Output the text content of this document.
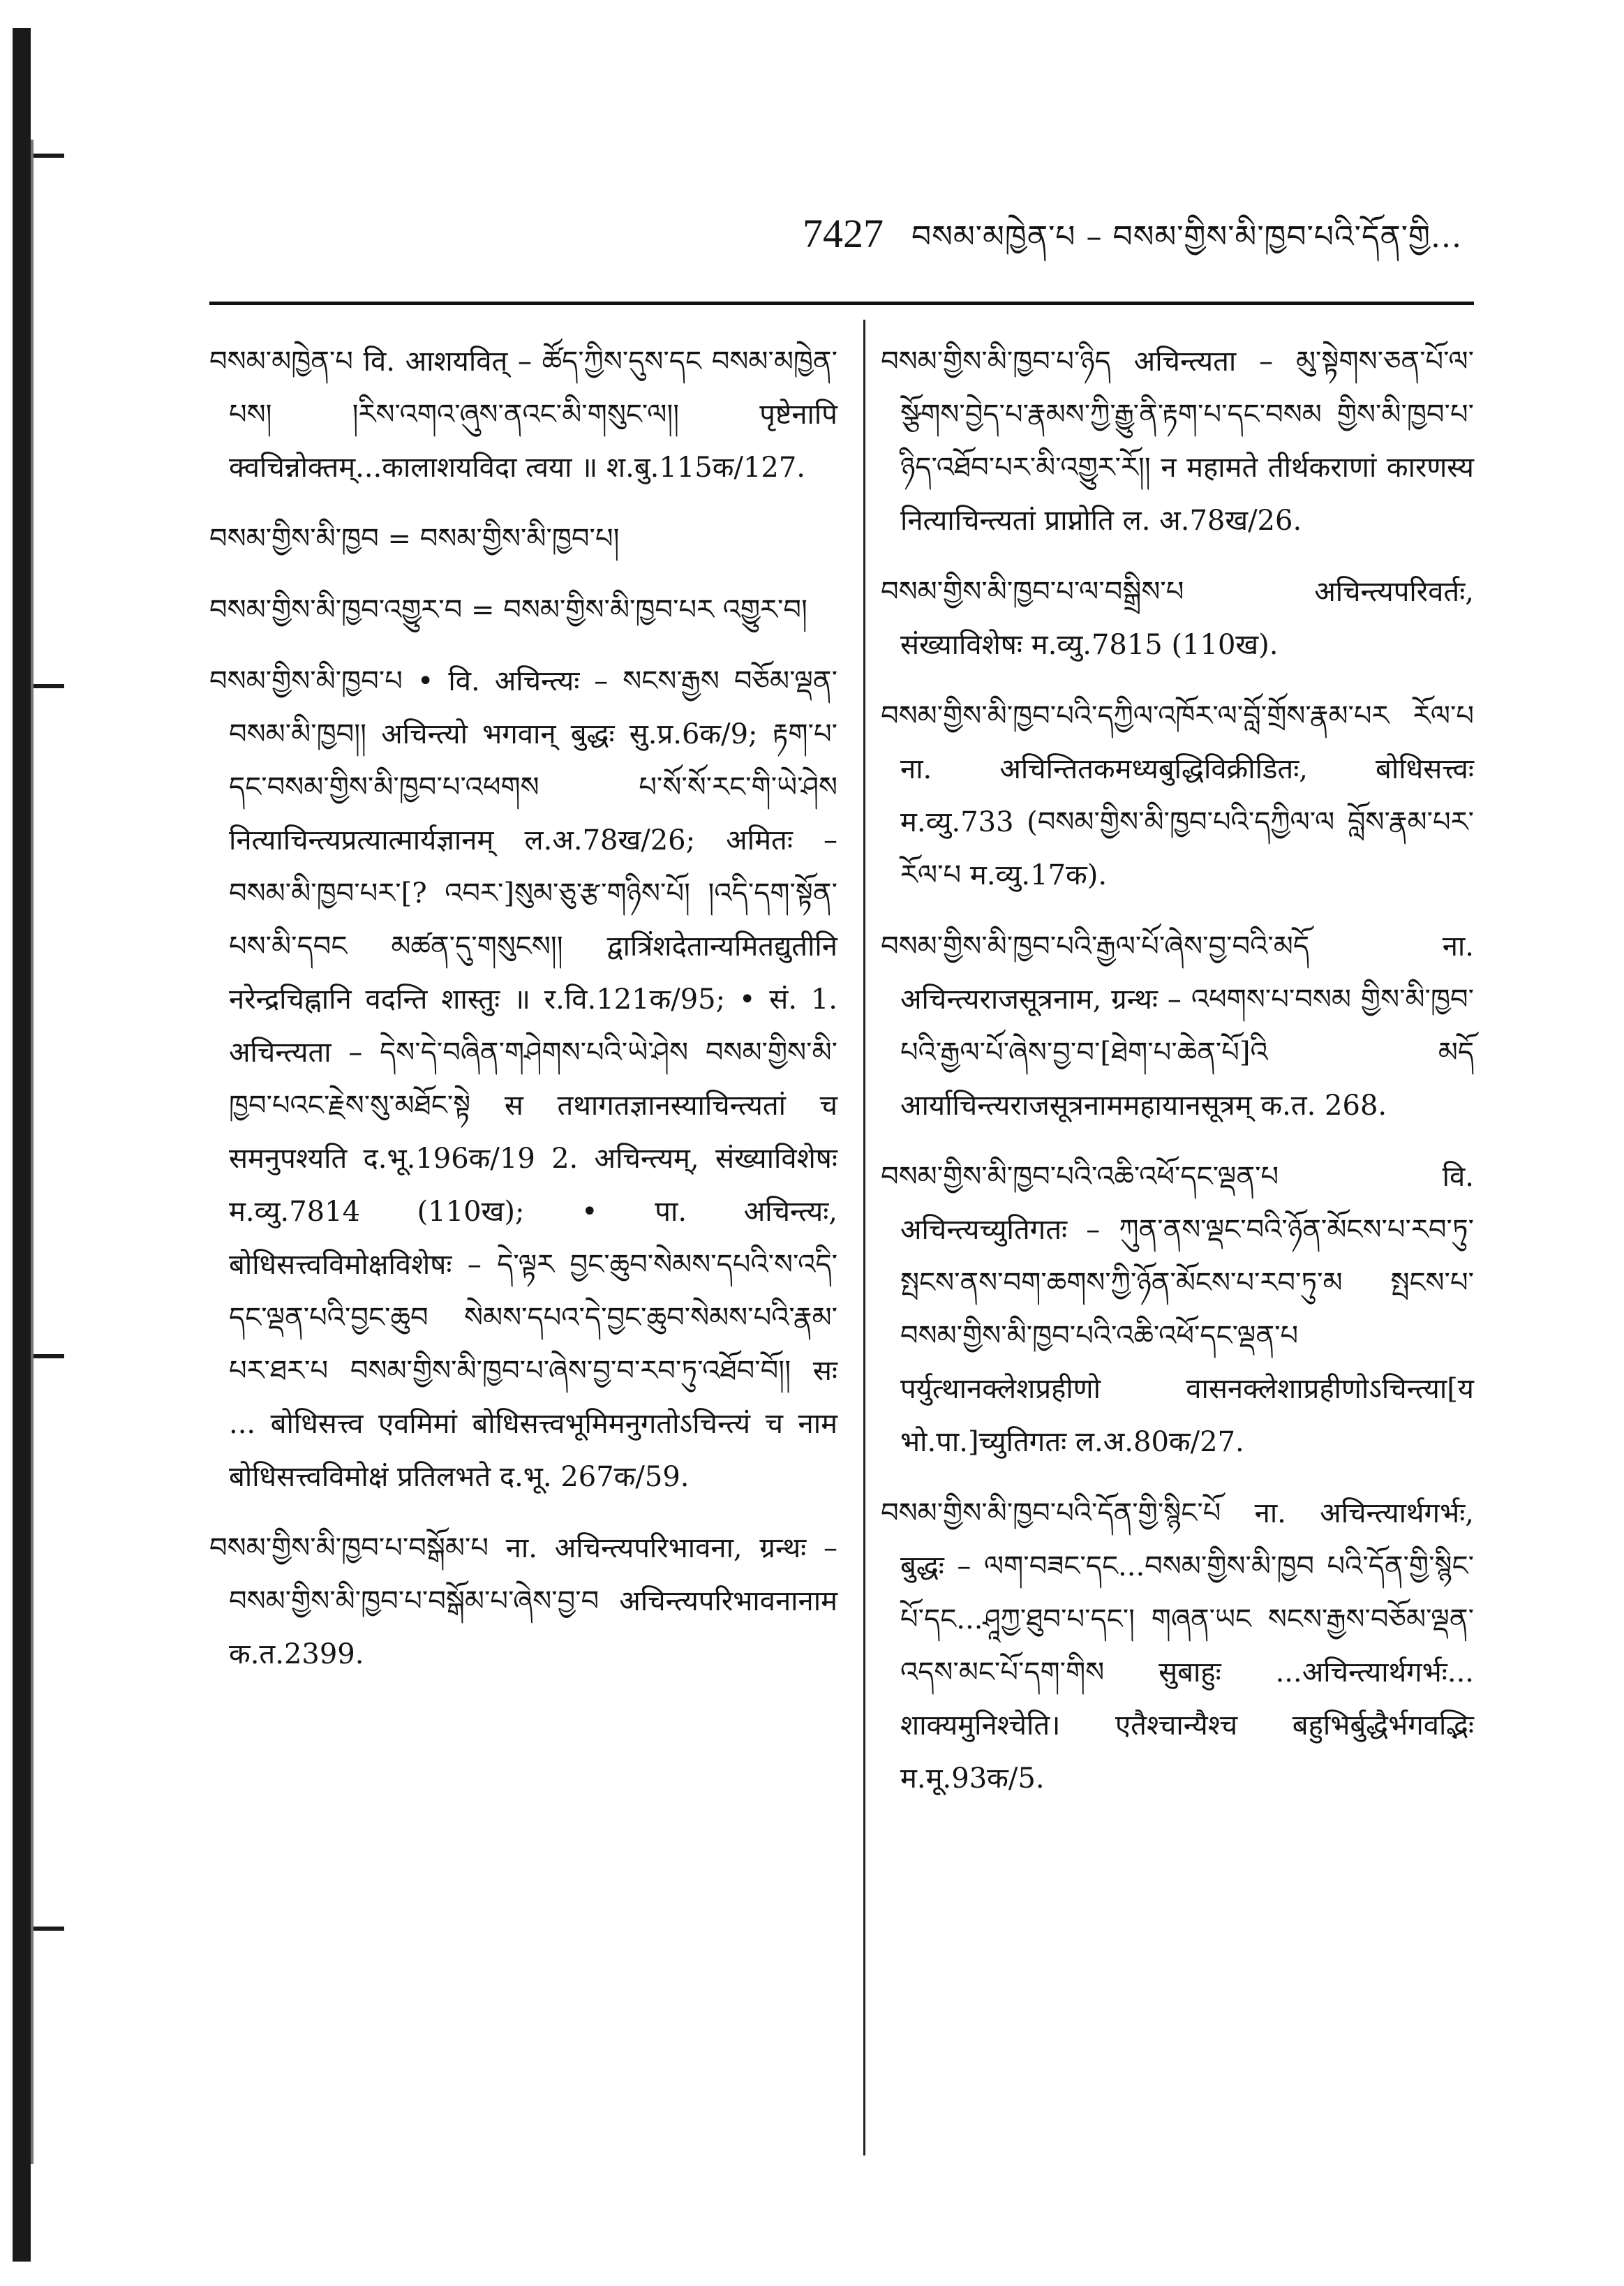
7427 བསམ་མཁྱེན་པ – བསམ་གྱིས་མི་ཁྱབ་པའི་དོན་གྱི...

བསམ་མཁྱེན་པ वि. आशयवित् – ཚོད་ཀྱིས་དུས་དང བསམ་མཁྱེན་པས། །རིས་འགའ་ཞུས་ནའང་མི་གསུང་ལ།། पृष्टेनापि क्वचिन्नोक्तम्...कालाशयविदा त्वया ॥ श.बु.115क/127.

བསམ་གྱིས་མི་ཁྱབ = བསམ་གྱིས་མི་ཁྱབ་པ།

བསམ་གྱིས་མི་ཁྱབ་འགྱུར་བ = བསམ་གྱིས་མི་ཁྱབ་པར འགྱུར་བ།

བསམ་གྱིས་མི་ཁྱབ་པ • वि. अचिन्त्यः – སངས་རྒྱས བཅོམ་ལྡན་བསམ་མི་ཁྱབ།། अचिन्त्यो भगवान् बुद्धः सु.प्र.6क/9; རྟག་པ་དང་བསམ་གྱིས་མི་ཁྱབ་པ་འཕགས པ་སོ་སོ་རང་གི་ཡེ་ཤེས नित्याचिन्त्यप्रत्यात्मार्यज्ञानम् ल.अ.78ख/26; अमितः – བསམ་མི་ཁྱབ་པར་[? འབར་]སུམ་ཅུ་རྩ་གཉིས་པོ། །འདི་དག་སྟོན་པས་མི་དབང མཚན་དུ་གསུངས།། द्वात्रिंशदेतान्यमितद्युतीनि नरेन्द्रचिह्नानि वदन्ति शास्तुः ॥ र.वि.121क/95; • सं. 1. अचिन्त्यता – དེས་དེ་བཞིན་གཤེགས་པའི་ཡེ་ཤེས བསམ་གྱིས་མི་ཁྱབ་པའང་རྗེས་སུ་མཐོང་སྟེ स तथागतज्ञानस्याचिन्त्यतां च समनुपश्यति द.भू.196क/19 2. अचिन्त्यम्, संख्याविशेषः म.व्यु.7814 (110ख); • पा. अचिन्त्यः, बोधिसत्त्वविमोक्षविशेषः – དེ་ལྟར བྱང་ཆུབ་སེམས་དཔའི་ས་འདི་དང་ལྡན་པའི་བྱང་ཆུབ སེམས་དཔའ་དེ་བྱང་ཆུབ་སེམས་པའི་རྣམ་པར་ཐར་པ བསམ་གྱིས་མི་ཁྱབ་པ་ཞེས་བྱ་བ་རབ་ཏུ་འཐོབ་བོ།། सः ... बोधिसत्त्व एवमिमां बोधिसत्त्वभूमिमनुगतोऽचिन्त्यं च नाम बोधिसत्त्वविमोक्षं प्रतिलभते द.भू. 267क/59.

བསམ་གྱིས་མི་ཁྱབ་པ་བསྒོམ་པ ना. अचिन्त्यपरिभावना, ग्रन्थः – བསམ་གྱིས་མི་ཁྱབ་པ་བསྒོམ་པ་ཞེས་བྱ་བ अचिन्त्यपरिभावनानाम क.त.2399.

བསམ་གྱིས་མི་ཁྱབ་པ་ཉིད अचिन्त्यता – མུ་སྟེགས་ཅན་པོ་ལ་སྩོགས་བྱེད་པ་རྣམས་ཀྱི་རྒྱུ་ནི་རྟག་པ་དང་བསམ གྱིས་མི་ཁྱབ་པ་ཉིད་འཐོབ་པར་མི་འགྱུར་རོ།། न महामते तीर्थकराणां कारणस्य नित्याचिन्त्यतां प्राप्नोति ल. अ.78ख/26.

བསམ་གྱིས་མི་ཁྱབ་པ་ལ་བསྒྲིས་པ अचिन्त्यपरिवर्तः, संख्याविशेषः म.व्यु.7815 (110ख).

བསམ་གྱིས་མི་ཁྱབ་པའི་དཀྱིལ་འཁོར་ལ་བློ་གྲོས་རྣམ་པར རོལ་པ ना. अचिन्तितकमध्यबुद्धिविक्रीडितः, बोधिसत्त्वः म.व्यु.733 (བསམ་གྱིས་མི་ཁྱབ་པའི་དཀྱིལ་ལ བློས་རྣམ་པར་རོལ་པ म.व्यु.17क).

བསམ་གྱིས་མི་ཁྱབ་པའི་རྒྱལ་པོ་ཞེས་བྱ་བའི་མདོ ना. अचिन्त्यराजसूत्रनाम, ग्रन्थः – འཕགས་པ་བསམ གྱིས་མི་ཁྱབ་པའི་རྒྱལ་པོ་ཞེས་བྱ་བ་[ཐེག་པ་ཆེན་པོ]འི མདོ आर्याचिन्त्यराजसूत्रनाममहायानसूत्रम् क.त. 268.

བསམ་གྱིས་མི་ཁྱབ་པའི་འཆི་འཕོ་དང་ལྡན་པ वि. अचिन्त्यच्युतिगतः – ཀུན་ནས་ལྡང་བའི་ཉོན་མོངས་པ་རབ་ཏུ་སྤངས་ནས་བག་ཆགས་ཀྱི་ཉོན་མོངས་པ་རབ་ཏུ་མ སྤངས་པ་བསམ་གྱིས་མི་ཁྱབ་པའི་འཆི་འཕོ་དང་ལྡན་པ पर्युत्थानक्लेशप्रहीणो वासनक्लेशाप्रहीणोऽचिन्त्या[य भो.पा.]च्युतिगतः ल.अ.80क/27.

བསམ་གྱིས་མི་ཁྱབ་པའི་དོན་གྱི་སྙིང་པོ ना. अचिन्त्यार्थगर्भः, बुद्धः – ལག་བཟང་དང...བསམ་གྱིས་མི་ཁྱབ པའི་དོན་གྱི་སྙིང་པོ་དང...ཤཱཀྱ་ཐུབ་པ་དང་། གཞན་ཡང སངས་རྒྱས་བཅོམ་ལྡན་འདས་མང་པོ་དག་གིས सुबाहुः ...अचिन्त्यार्थगर्भः... शाक्यमुनिश्चेति। एतैश्चान्यैश्च बहुभिर्बुद्धैर्भगवद्भिः म.मू.93क/5.
